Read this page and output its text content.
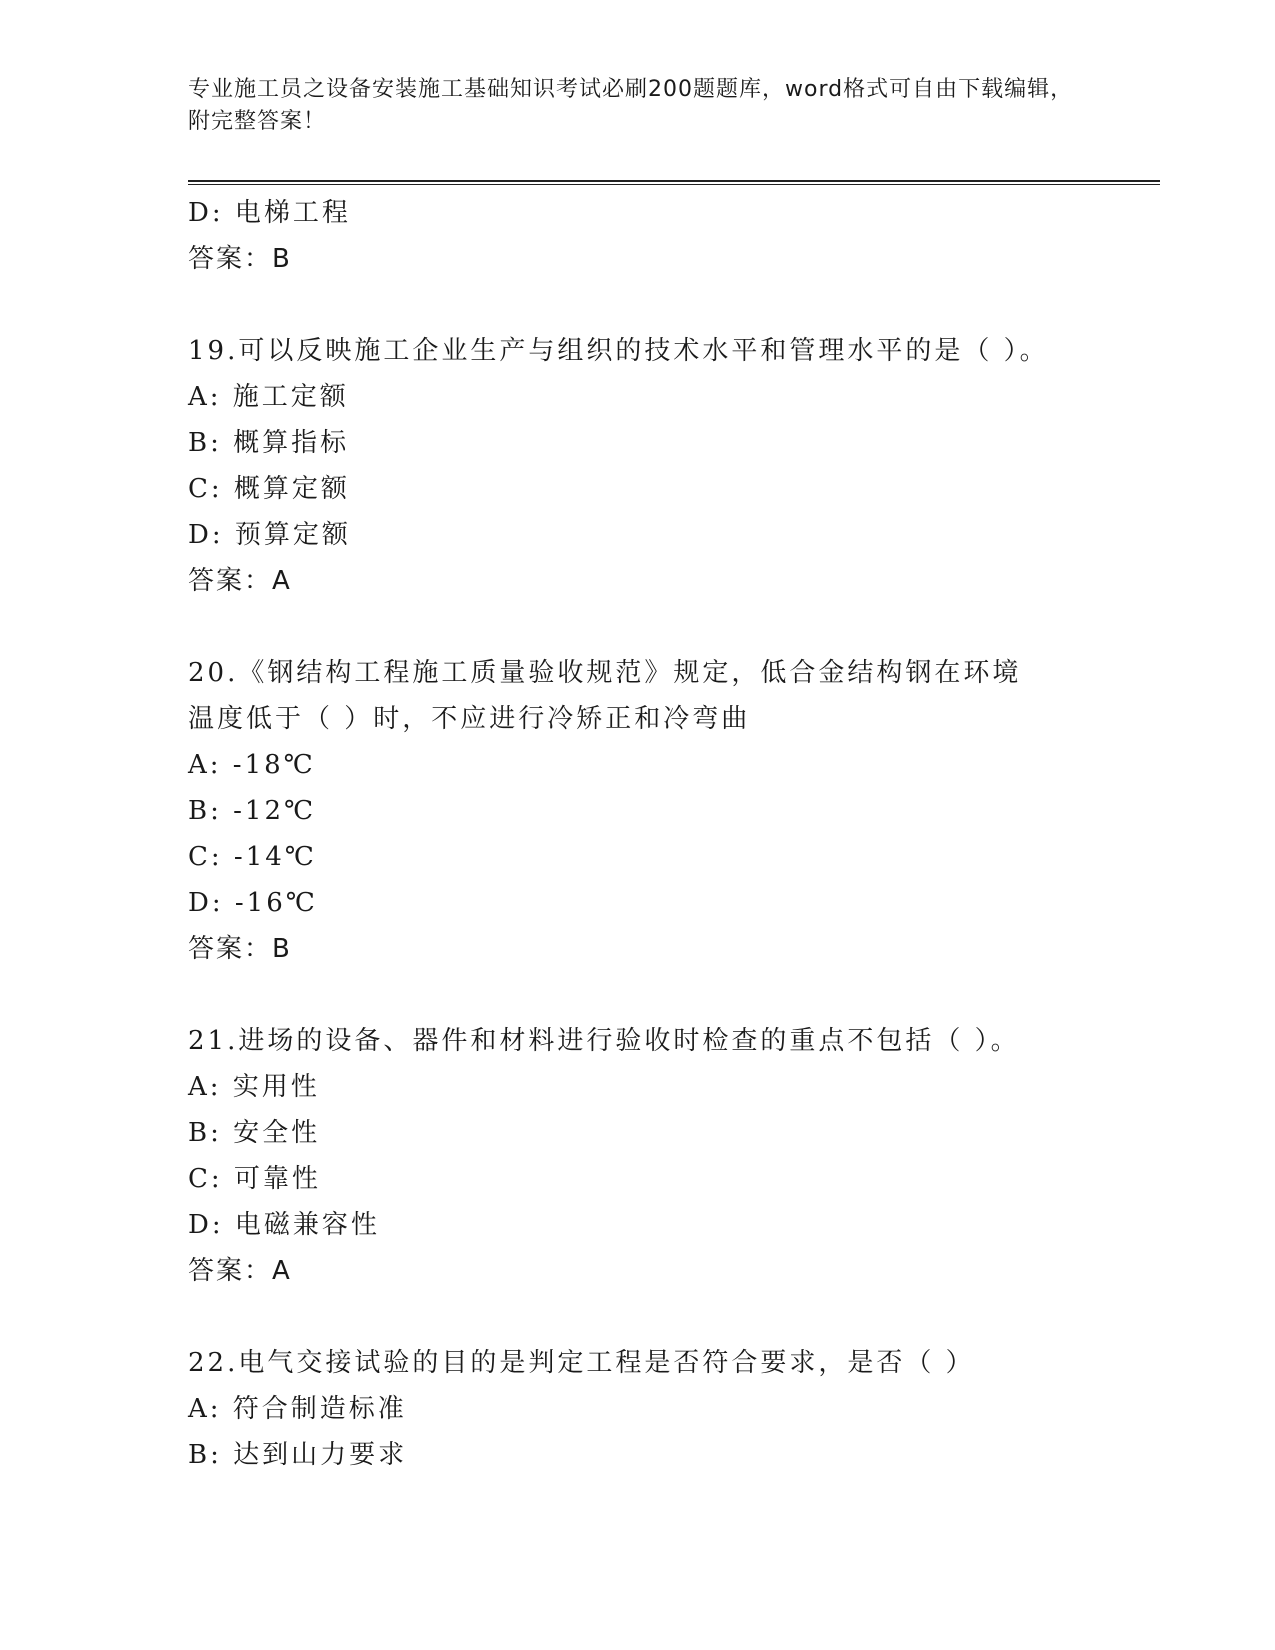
专业施工员之设备安装施工基础知识考试必刷200题题库，word格式可自由下载编辑，附完整答案！
D: 电梯工程
答案：B
19.可以反映施工企业生产与组织的技术水平和管理水平的是（ ）。
A: 施工定额
B: 概算指标
C: 概算定额
D: 预算定额
答案：A
20.《钢结构工程施工质量验收规范》规定，低合金结构钢在环境温度低于（ ）时，不应进行冷矫正和冷弯曲
A: -18℃
B: -12℃
C: -14℃
D: -16℃
答案：B
21.进场的设备、器件和材料进行验收时检查的重点不包括（ ）。
A: 实用性
B: 安全性
C: 可靠性
D: 电磁兼容性
答案：A
22.电气交接试验的目的是判定工程是否符合要求，是否（ ）
A: 符合制造标准
B: 达到山力要求
